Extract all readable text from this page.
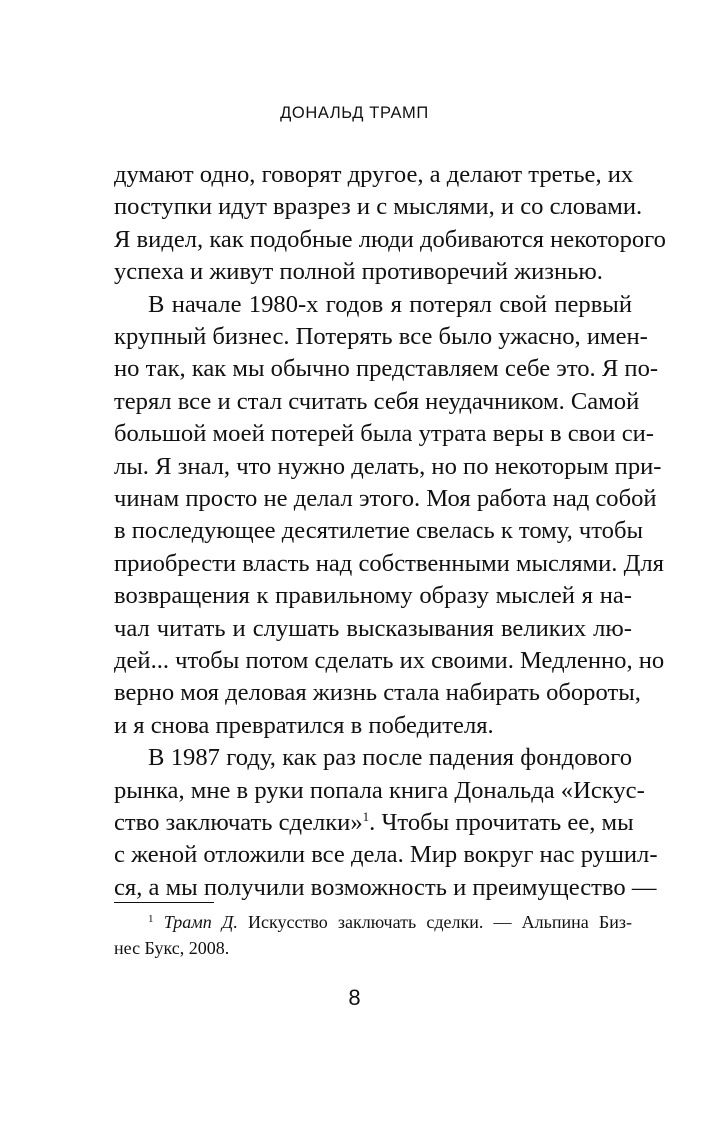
ДОНАЛЬД ТРАМП
думают одно, говорят другое, а делают третье, их
поступки идут вразрез и с мыслями, и со словами.
Я видел, как подобные люди добиваются некоторого
успеха и живут полной противоречий жизнью.
В начале 1980-х годов я потерял свой первый
крупный бизнес. Потерять все было ужасно, имен-
но так, как мы обычно представляем себе это. Я по-
терял все и стал считать себя неудачником. Самой
большой моей потерей была утрата веры в свои си-
лы. Я знал, что нужно делать, но по некоторым при-
чинам просто не делал этого. Моя работа над собой
в последующее десятилетие свелась к тому, чтобы
приобрести власть над собственными мыслями. Для
возвращения к правильному образу мыслей я на-
чал читать и слушать высказывания великих лю-
дей... чтобы потом сделать их своими. Медленно, но
верно моя деловая жизнь стала набирать обороты,
и я снова превратился в победителя.
В 1987 году, как раз после падения фондового
рынка, мне в руки попала книга Дональда «Искус-
ство заключать сделки»$^1$. Чтобы прочитать ее, мы
с женой отложили все дела. Мир вокруг нас рушил-
ся, а мы получили возможность и преимущество —
$^1$ Трамп Д. Искусство заключать сделки. — Альпина Биз-
нес Букс, 2008.
8
